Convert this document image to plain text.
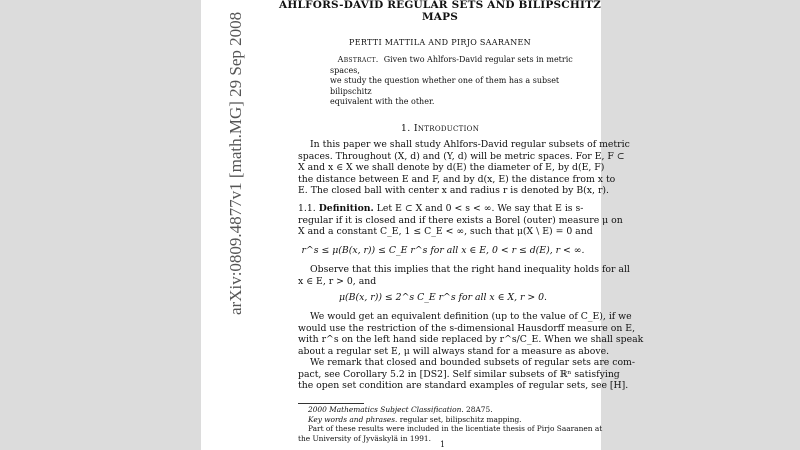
arXiv:0809.4877v1 [math.MG] 29 Sep 2008
AHLFORS-DAVID REGULAR SETS AND BILIPSCHITZ
MAPS
PERTTI MATTILA AND PIRJO SAARANEN
Abstract. Given two Ahlfors-David regular sets in metric spaces,
we study the question whether one of them has a subset bilipschitz
equivalent with the other.
1. Introduction
In this paper we shall study Ahlfors-David regular subsets of metric
spaces. Throughout (X, d) and (Y, d) will be metric spaces. For E, F ⊂
X and x ∈ X we shall denote by d(E) the diameter of E, by d(E, F)
the distance between E and F, and by d(x, E) the distance from x to
E. The closed ball with center x and radius r is denoted by B(x, r).
1.1. Definition. Let E ⊂ X and 0 < s < ∞. We say that E is s-
regular if it is closed and if there exists a Borel (outer) measure μ on
X and a constant C_E, 1 ≤ C_E < ∞, such that μ(X \ E) = 0 and
r^s ≤ μ(B(x, r)) ≤ C_E r^s for all x ∈ E, 0 < r ≤ d(E), r < ∞.
Observe that this implies that the right hand inequality holds for all
x ∈ E, r > 0, and
μ(B(x, r)) ≤ 2^s C_E r^s for all x ∈ X, r > 0.
We would get an equivalent definition (up to the value of C_E), if we
would use the restriction of the s-dimensional Hausdorff measure on E,
with r^s on the left hand side replaced by r^s/C_E. When we shall speak
about a regular set E, μ will always stand for a measure as above.
We remark that closed and bounded subsets of regular sets are com-
pact, see Corollary 5.2 in [DS2]. Self similar subsets of ℝⁿ satisfying
the open set condition are standard examples of regular sets, see [H].
2000 Mathematics Subject Classification. 28A75.
Key words and phrases. regular set, bilipschitz mapping.
Part of these results were included in the licentiate thesis of Pirjo Saaranen at
the University of Jyväskylä in 1991.
1
